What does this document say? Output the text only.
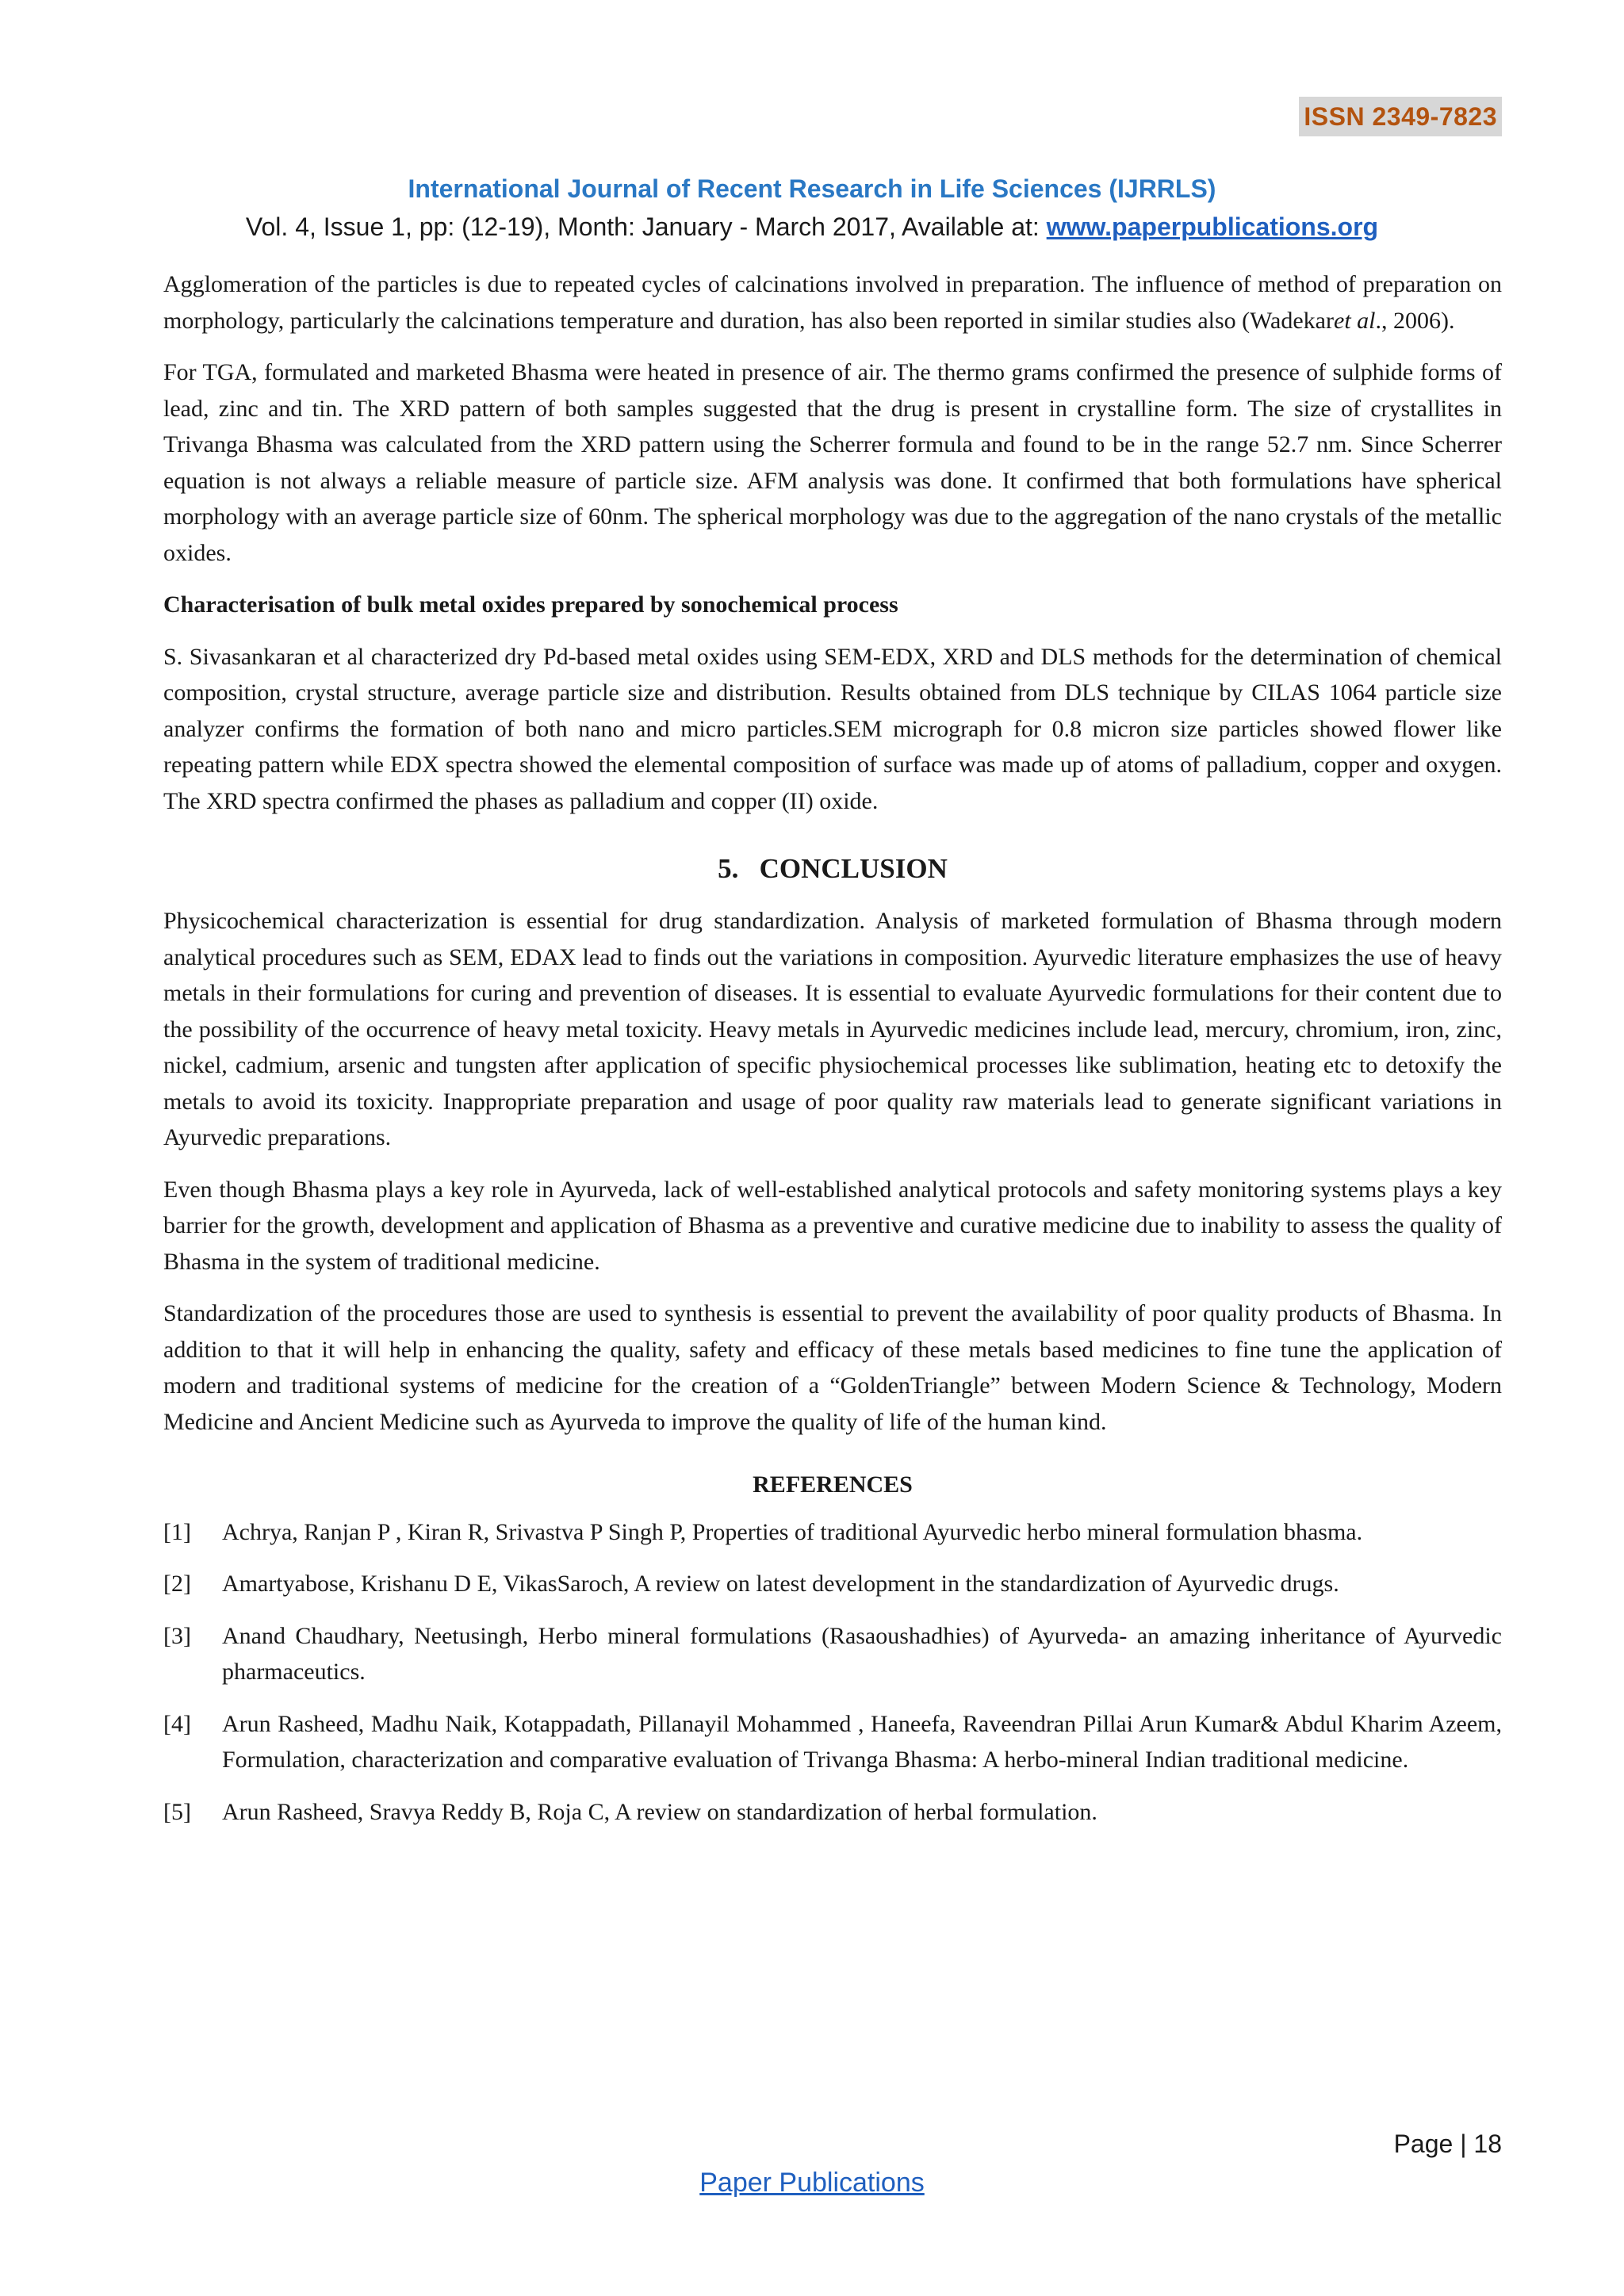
ISSN 2349-7823
International Journal of Recent Research in Life Sciences (IJRRLS)
Vol. 4, Issue 1, pp: (12-19), Month: January - March 2017, Available at: www.paperpublications.org

Agglomeration of the particles is due to repeated cycles of calcinations involved in preparation. The influence of method of preparation on morphology, particularly the calcinations temperature and duration, has also been reported in similar studies also (Wadekaret al., 2006).

For TGA, formulated and marketed Bhasma were heated in presence of air. The thermo grams confirmed the presence of sulphide forms of lead, zinc and tin. The XRD pattern of both samples suggested that the drug is present in crystalline form. The size of crystallites in Trivanga Bhasma was calculated from the XRD pattern using the Scherrer formula and found to be in the range 52.7 nm. Since Scherrer equation is not always a reliable measure of particle size. AFM analysis was done. It confirmed that both formulations have spherical morphology with an average particle size of 60nm. The spherical morphology was due to the aggregation of the nano crystals of the metallic oxides.

Characterisation of bulk metal oxides prepared by sonochemical process

S. Sivasankaran et al characterized dry Pd-based metal oxides using SEM-EDX, XRD and DLS methods for the determination of chemical composition, crystal structure, average particle size and distribution. Results obtained from DLS technique by CILAS 1064 particle size analyzer confirms the formation of both nano and micro particles.SEM micrograph for 0.8 micron size particles showed flower like repeating pattern while EDX spectra showed the elemental composition of surface was made up of atoms of palladium, copper and oxygen. The XRD spectra confirmed the phases as palladium and copper (II) oxide.

5.   CONCLUSION

Physicochemical characterization is essential for drug standardization. Analysis of marketed formulation of Bhasma through modern analytical procedures such as SEM, EDAX lead to finds out the variations in composition. Ayurvedic literature emphasizes the use of heavy metals in their formulations for curing and prevention of diseases. It is essential to evaluate Ayurvedic formulations for their content due to the possibility of the occurrence of heavy metal toxicity. Heavy metals in Ayurvedic medicines include lead, mercury, chromium, iron, zinc, nickel, cadmium, arsenic and tungsten after application of specific physiochemical processes like sublimation, heating etc to detoxify the metals to avoid its toxicity. Inappropriate preparation and usage of poor quality raw materials lead to generate significant variations in Ayurvedic preparations.

Even though Bhasma plays a key role in Ayurveda, lack of well-established analytical protocols and safety monitoring systems plays a key barrier for the growth, development and application of Bhasma as a preventive and curative medicine due to inability to assess the quality of Bhasma in the system of traditional medicine.

Standardization of the procedures those are used to synthesis is essential to prevent the availability of poor quality products of Bhasma. In addition to that it will help in enhancing the quality, safety and efficacy of these metals based medicines to fine tune the application of modern and traditional systems of medicine for the creation of a “GoldenTriangle” between Modern Science & Technology, Modern Medicine and Ancient Medicine such as Ayurveda to improve the quality of life of the human kind.

REFERENCES
[1]	Achrya, Ranjan P , Kiran R, Srivastva P Singh P, Properties of traditional Ayurvedic herbo mineral formulation bhasma.
[2]	Amartyabose, Krishanu D E, VikasSaroch, A review on latest development in the standardization of Ayurvedic drugs.
[3]	Anand Chaudhary, Neetusingh, Herbo mineral formulations (Rasaoushadhies) of Ayurveda- an amazing inheritance of Ayurvedic pharmaceutics.
[4]	Arun Rasheed, Madhu Naik, Kotappadath, Pillanayil Mohammed , Haneefa, Raveendran Pillai Arun Kumar& Abdul Kharim Azeem, Formulation, characterization and comparative evaluation of Trivanga Bhasma: A herbo-mineral Indian traditional medicine.
[5]	Arun Rasheed, Sravya Reddy B, Roja C, A review on standardization of herbal formulation.
Page | 18
Paper Publications
